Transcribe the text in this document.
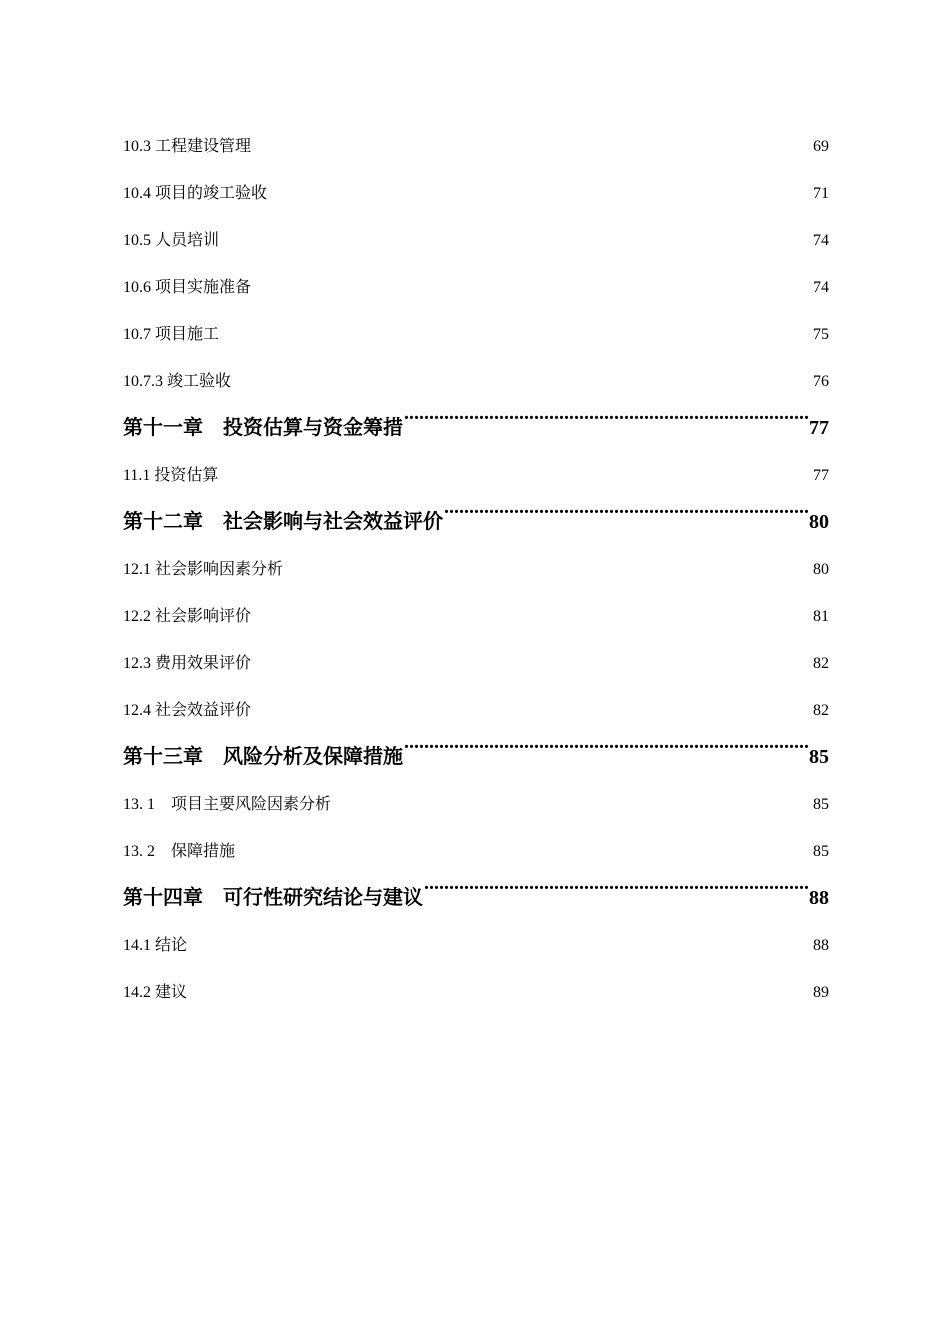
10.3 工程建设管理 .....	69
10.4 项目的竣工验收 .....	71
10.5 人员培训 .....	74
10.6 项目实施准备 .....	74
10.7 项目施工 .....	75
10.7.3 竣工验收 .....	76
第十一章　投资估算与资金筹措 .....	77
11.1 投资估算 .....	77
第十二章　社会影响与社会效益评价 .....	80
12.1 社会影响因素分析 .....	80
12.2 社会影响评价 .....	81
12.3 费用效果评价 .....	82
12.4 社会效益评价 .....	82
第十三章　风险分析及保障措施 .....	85
13. 1　项目主要风险因素分析 .....	85
13. 2　保障措施 .....	85
第十四章　可行性研究结论与建议 .....	88
14.1 结论 .....	88
14.2 建议 .....	89
